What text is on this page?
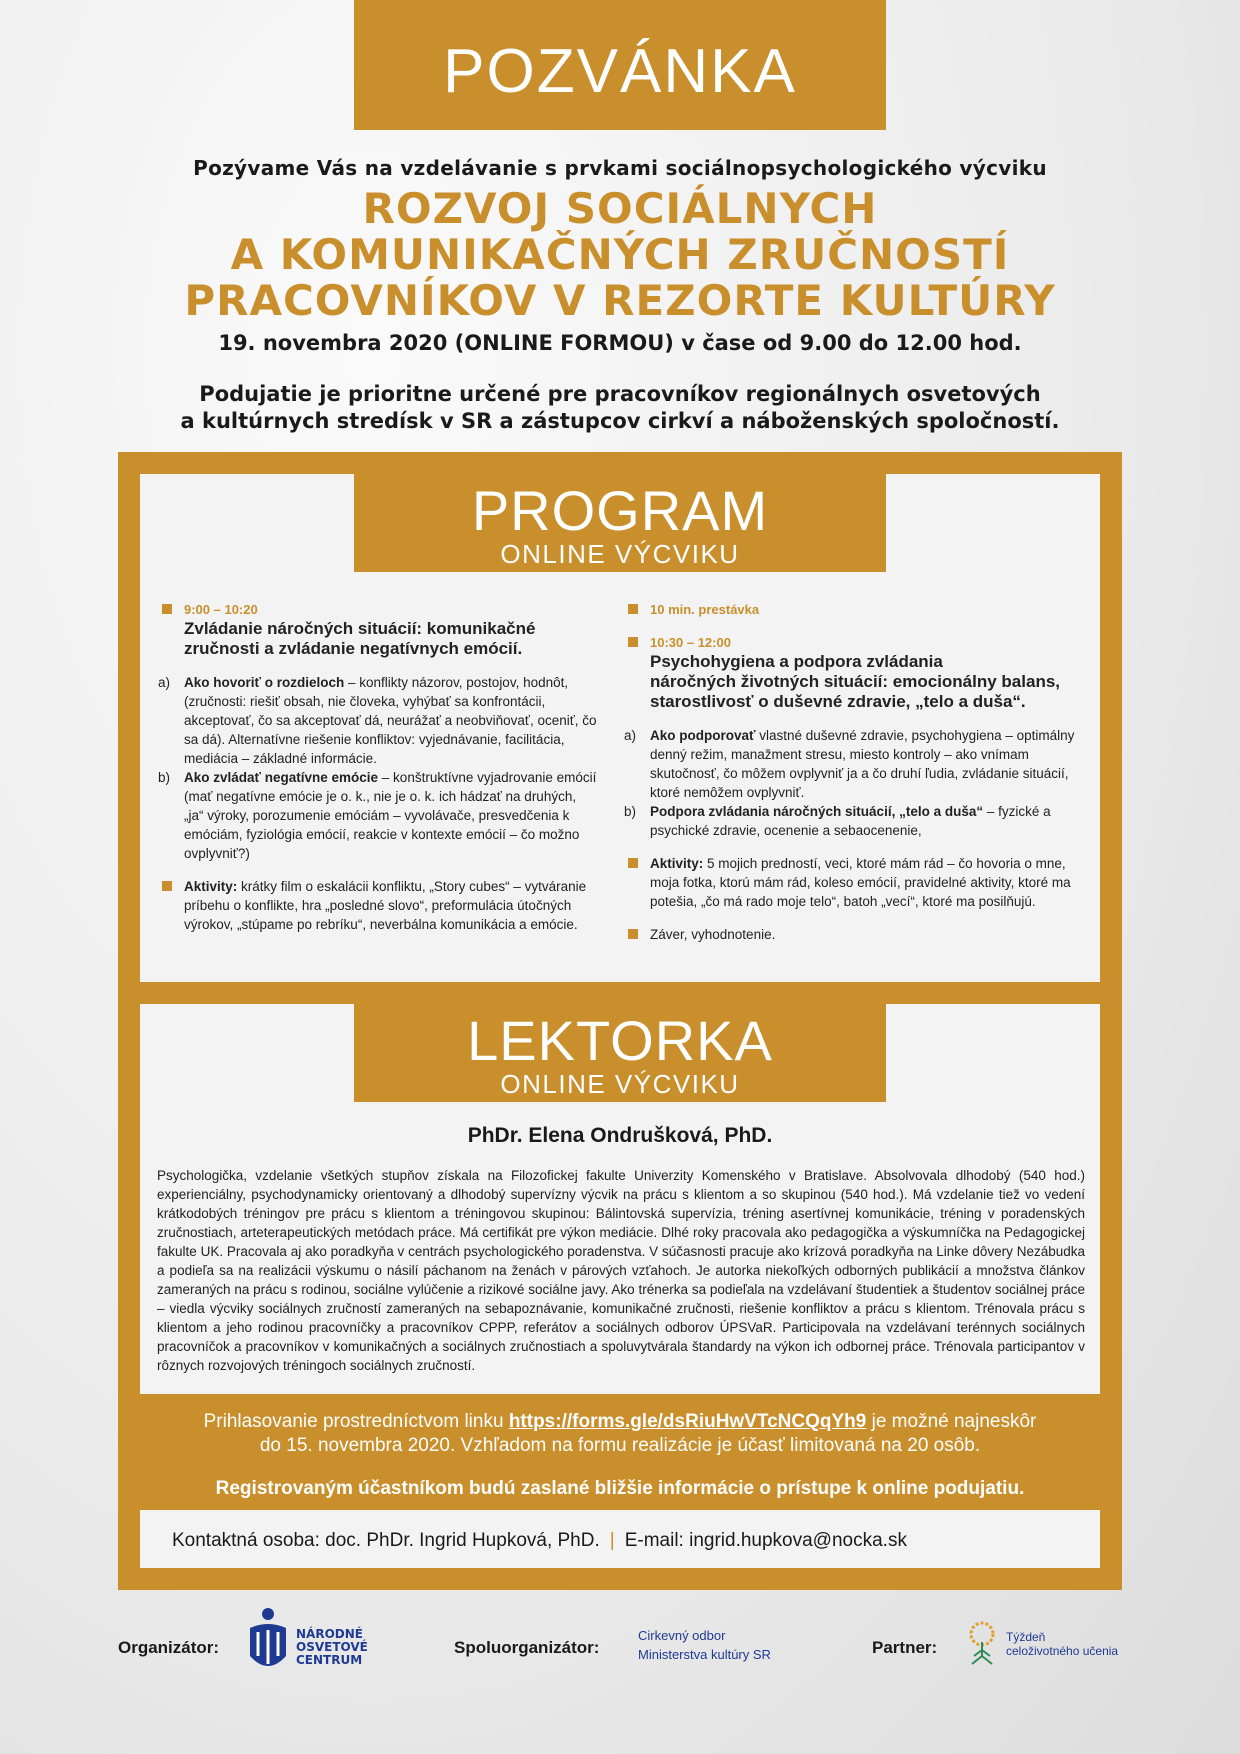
POZVÁNKA
Pozývame Vás na vzdelávanie s prvkami sociálnopsychologického výcviku
ROZVOJ SOCIÁLNYCH
A KOMUNIKAČNÝCH ZRUČNOSTÍ
PRACOVNÍKOV V REZORTE KULTÚRY
19. novembra 2020 (ONLINE FORMOU) v čase od 9.00 do 12.00 hod.
Podujatie je prioritne určené pre pracovníkov regionálnych osvetových
a kultúrnych stredísk v SR a zástupcov cirkví a náboženských spoločností.
PROGRAM
ONLINE VÝCVIKU
9:00 – 10:20
Zvládanie náročných situácií: komunikačné
zručnosti a zvládanie negatívnych emócií.
a) Ako hovoriť o rozdieloch – konflikty názorov, postojov, hodnôt, (zručnosti: riešiť obsah, nie človeka, vyhýbať sa konfrontácii, akceptovať, čo sa akceptovať dá, neurážať a neobviňovať, oceniť, čo sa dá). Alternatívne riešenie konfliktov: vyjednávanie, facilitácia, mediácia – základné informácie.
b) Ako zvládať negatívne emócie – konštruktívne vyjadrovanie emócií (mať negatívne emócie je o. k., nie je o. k. ich hádzať na druhých, „ja“ výroky, porozumenie emóciám – vyvolávače, presvedčenia k emóciám, fyziológia emócií, reakcie v kontexte emócií – čo možno ovplyvniť?)
Aktivity: krátky film o eskalácii konfliktu, „Story cubes“ – vytváranie príbehu o konflikte, hra „posledné slovo“, preformulácia útočných výrokov, „stúpame po rebríku“, neverbálna komunikácia a emócie.
10 min. prestávka
10:30 – 12:00
Psychohygiena a podpora zvládania
náročných životných situácií: emocionálny balans,
starostlivosť o duševné zdravie, „telo a duša“.
a) Ako podporovať vlastné duševné zdravie, psychohygiena – optimálny denný režim, manažment stresu, miesto kontroly – ako vnímam skutočnosť, čo môžem ovplyvniť ja a čo druhí ľudia, zvládanie situácií, ktoré nemôžem ovplyvniť.
b) Podpora zvládania náročných situácií, „telo a duša“ – fyzické a psychické zdravie, ocenenie a sebaocenenie,
Aktivity: 5 mojich predností, veci, ktoré mám rád – čo hovoria o mne, moja fotka, ktorú mám rád, koleso emócií, pravidelné aktivity, ktoré ma potešia, „čo má rado moje telo“, batoh „vecí“, ktoré ma posilňujú.
Záver, vyhodnotenie.
LEKTORKA
ONLINE VÝCVIKU
PhDr. Elena Ondrušková, PhD.
Psychologička, vzdelanie všetkých stupňov získala na Filozofickej fakulte Univerzity Komenského v Bratislave. Absolvovala dlhodobý (540 hod.) experienciálny, psychodynamicky orientovaný a dlhodobý supervízny výcvik na prácu s klientom a so skupinou (540 hod.). Má vzdelanie tiež vo vedení krátkodobých tréningov pre prácu s klientom a tréningovou skupinou: Bálintovská supervízia, tréning asertívnej komunikácie, tréning v poradenských zručnostiach, arteterapeutických metódach práce. Má certifikát pre výkon mediácie. Dlhé roky pracovala ako pedagogička a výskumníčka na Pedagogickej fakulte UK. Pracovala aj ako poradkyňa v centrách psychologického poradenstva. V súčasnosti pracuje ako krízová poradkyňa na Linke dôvery Nezábudka a podieľa sa na realizácii výskumu o násilí páchanom na ženách v párových vzťahoch. Je autorka niekoľkých odborných publikácií a množstva článkov zameraných na prácu s rodinou, sociálne vylúčenie a rizikové sociálne javy. Ako trénerka sa podieľala na vzdelávaní študentiek a študentov sociálnej práce – viedla výcviky sociálnych zručností zameraných na sebapoznávanie, komunikačné zručnosti, riešenie konfliktov a prácu s klientom. Trénovala prácu s klientom a jeho rodinou pracovníčky a pracovníkov CPPP, referátov a sociálnych odborov ÚPSVaR. Participovala na vzdelávaní terénnych sociálnych pracovníčok a pracovníkov v komunikačných a sociálnych zručnostiach a spoluvytvárala štandardy na výkon ich odbornej práce. Trénovala participantov v rôznych rozvojových tréningoch sociálnych zručností.
Prihlasovanie prostredníctvom linku https://forms.gle/dsRiuHwVTcNCQqYh9 je možné najneskôr
do 15. novembra 2020. Vzhľadom na formu realizácie je účasť limitovaná na 20 osôb.
Registrovaným účastníkom budú zaslané bližšie informácie o prístupe k online podujatiu.
Kontaktná osoba: doc. PhDr. Ingrid Hupková, PhD. | E-mail: ingrid.hupkova@nocka.sk
Organizátor:
NÁRODNÉ
OSVETOVÉ
CENTRUM
Spoluorganizátor:
Cirkevný odbor
Ministerstva kultúry SR	Partner:
Týždeň
celoživotného učenia
